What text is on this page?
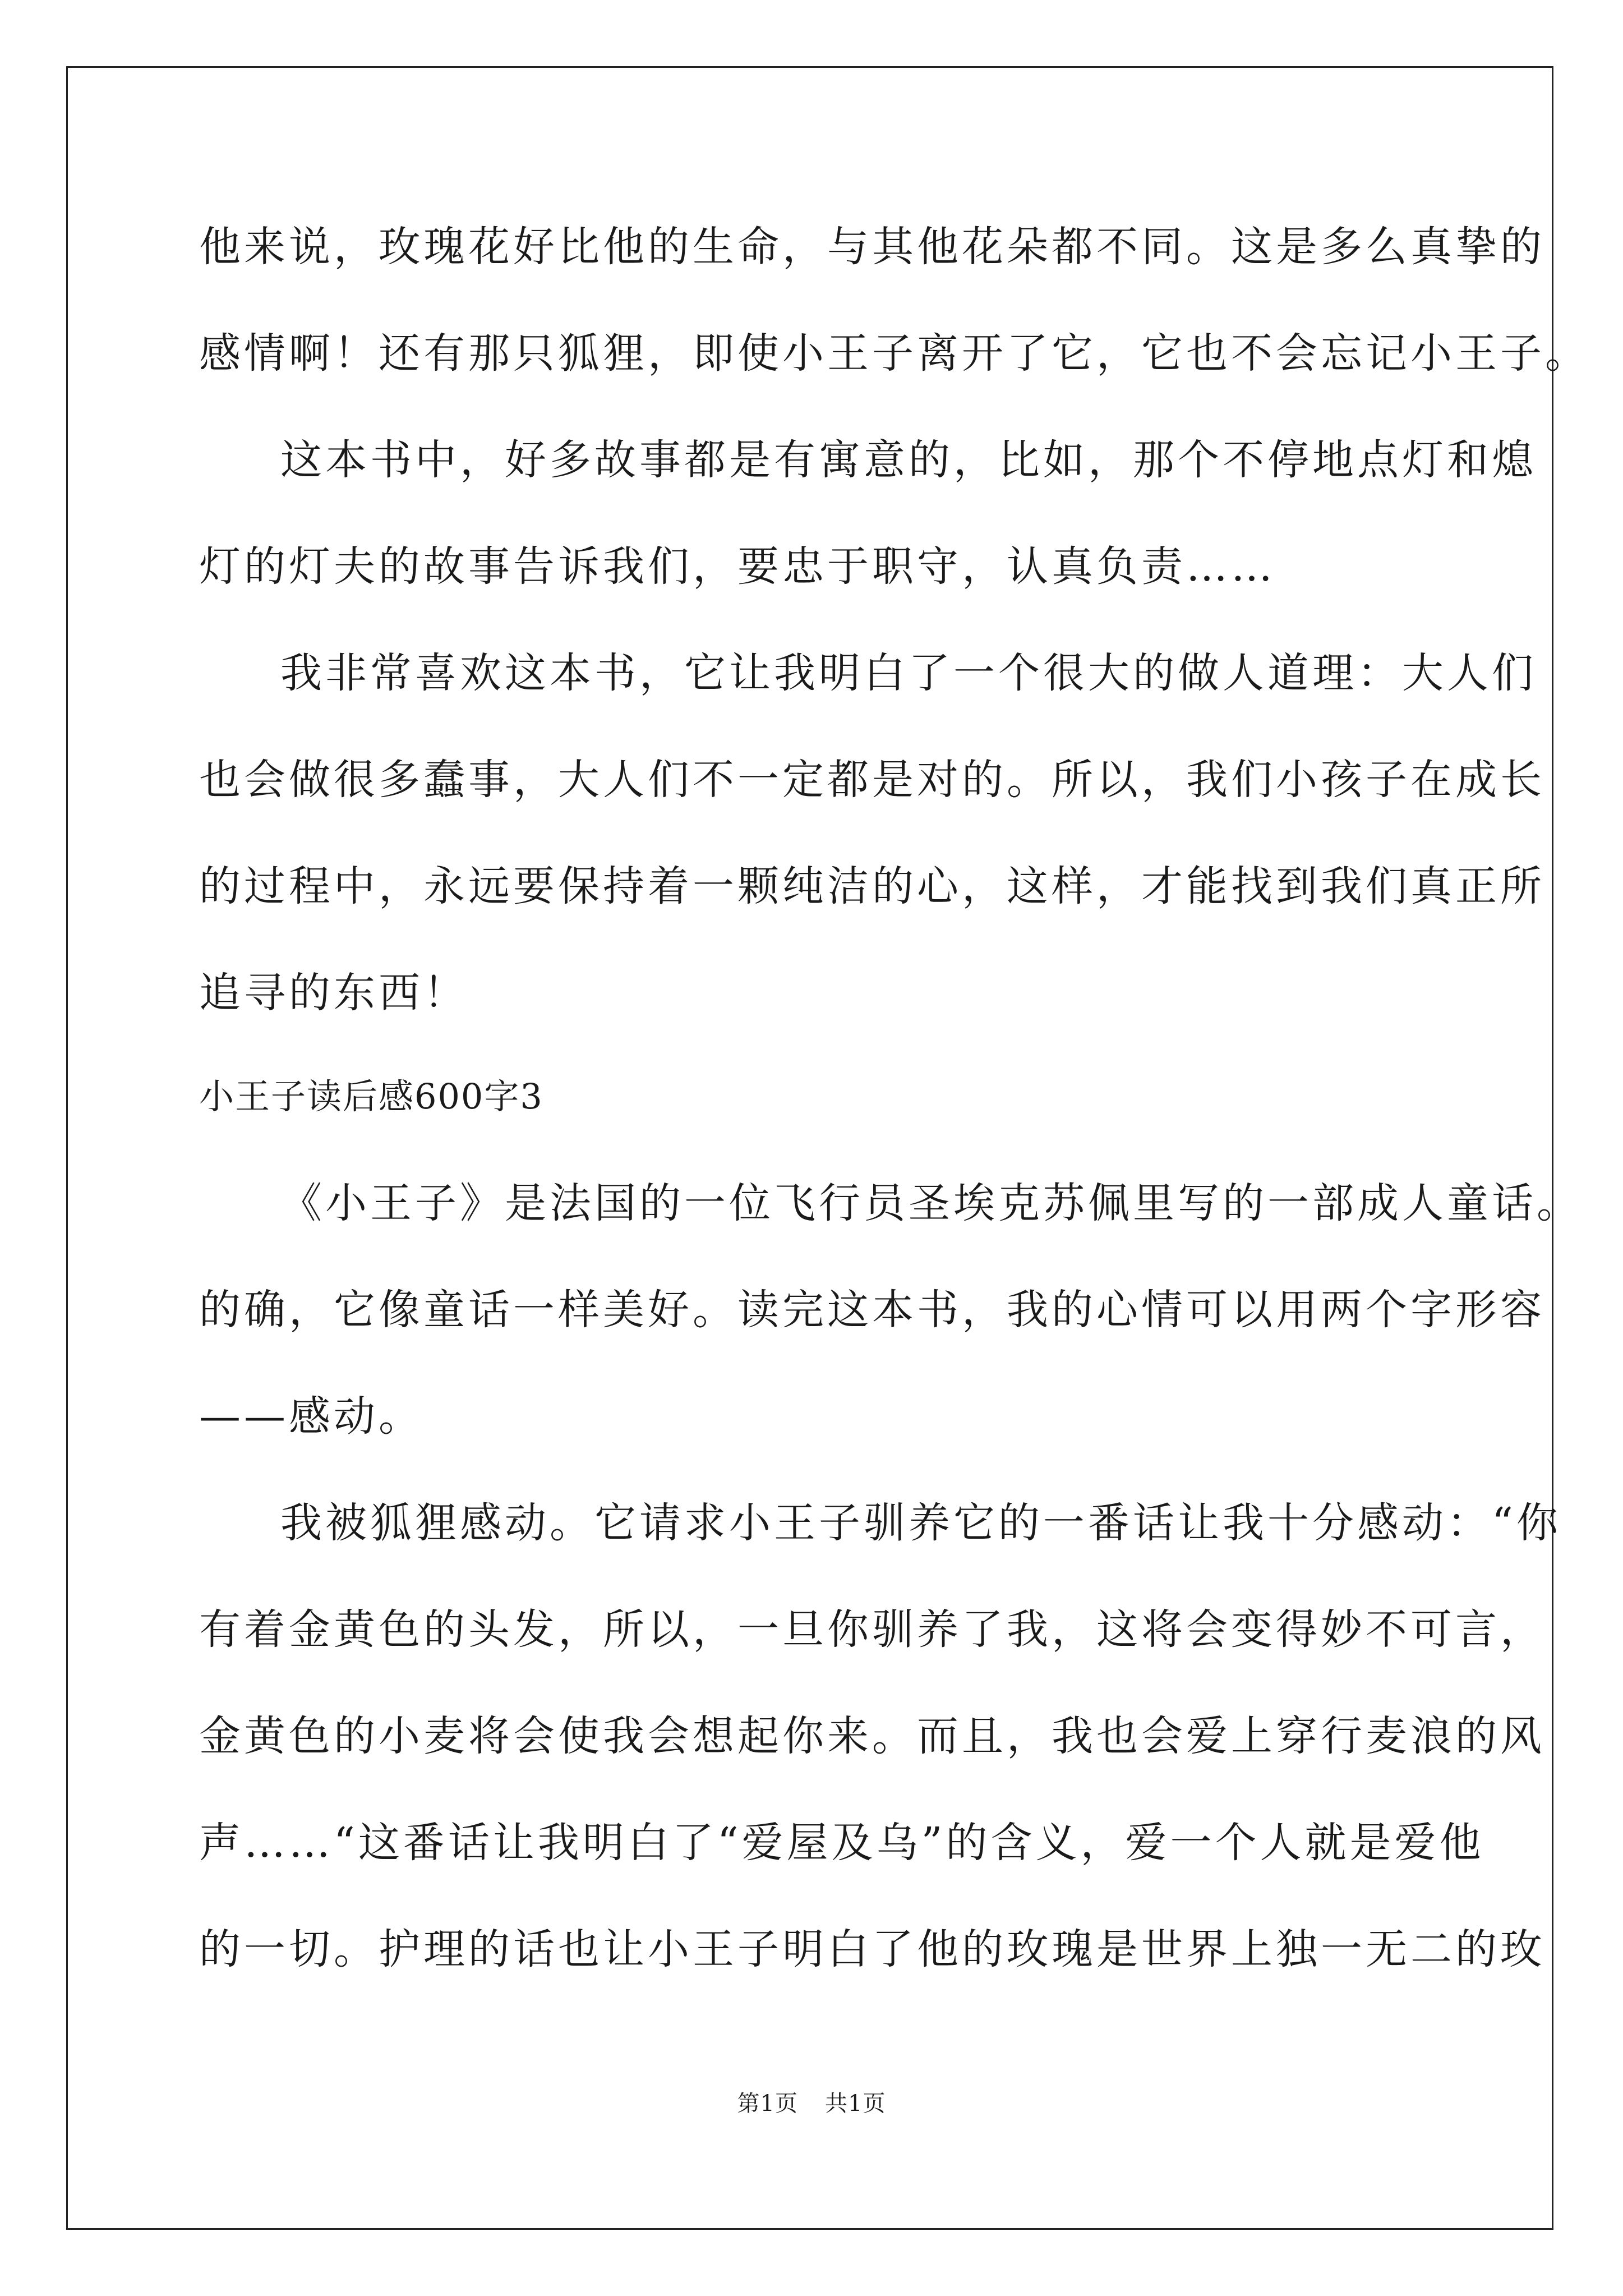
他来说，玫瑰花好比他的生命，与其他花朵都不同。这是多么真挚的
感情啊！还有那只狐狸，即使小王子离开了它，它也不会忘记小王子。
这本书中，好多故事都是有寓意的，比如，那个不停地点灯和熄
灯的灯夫的故事告诉我们，要忠于职守，认真负责……
我非常喜欢这本书，它让我明白了一个很大的做人道理：大人们
也会做很多蠢事，大人们不一定都是对的。所以，我们小孩子在成长
的过程中，永远要保持着一颗纯洁的心，这样，才能找到我们真正所
追寻的东西！
小王子读后感600字3
《小王子》是法国的一位飞行员圣埃克苏佩里写的一部成人童话。
的确，它像童话一样美好。读完这本书，我的心情可以用两个字形容
——感动。
我被狐狸感动。它请求小王子驯养它的一番话让我十分感动：“你
有着金黄色的头发，所以，一旦你驯养了我，这将会变得妙不可言，
金黄色的小麦将会使我会想起你来。而且，我也会爱上穿行麦浪的风
声……“这番话让我明白了“爱屋及乌”的含义，爱一个人就是爱他
的一切。护理的话也让小王子明白了他的玫瑰是世界上独一无二的玫
第1页 共1页
